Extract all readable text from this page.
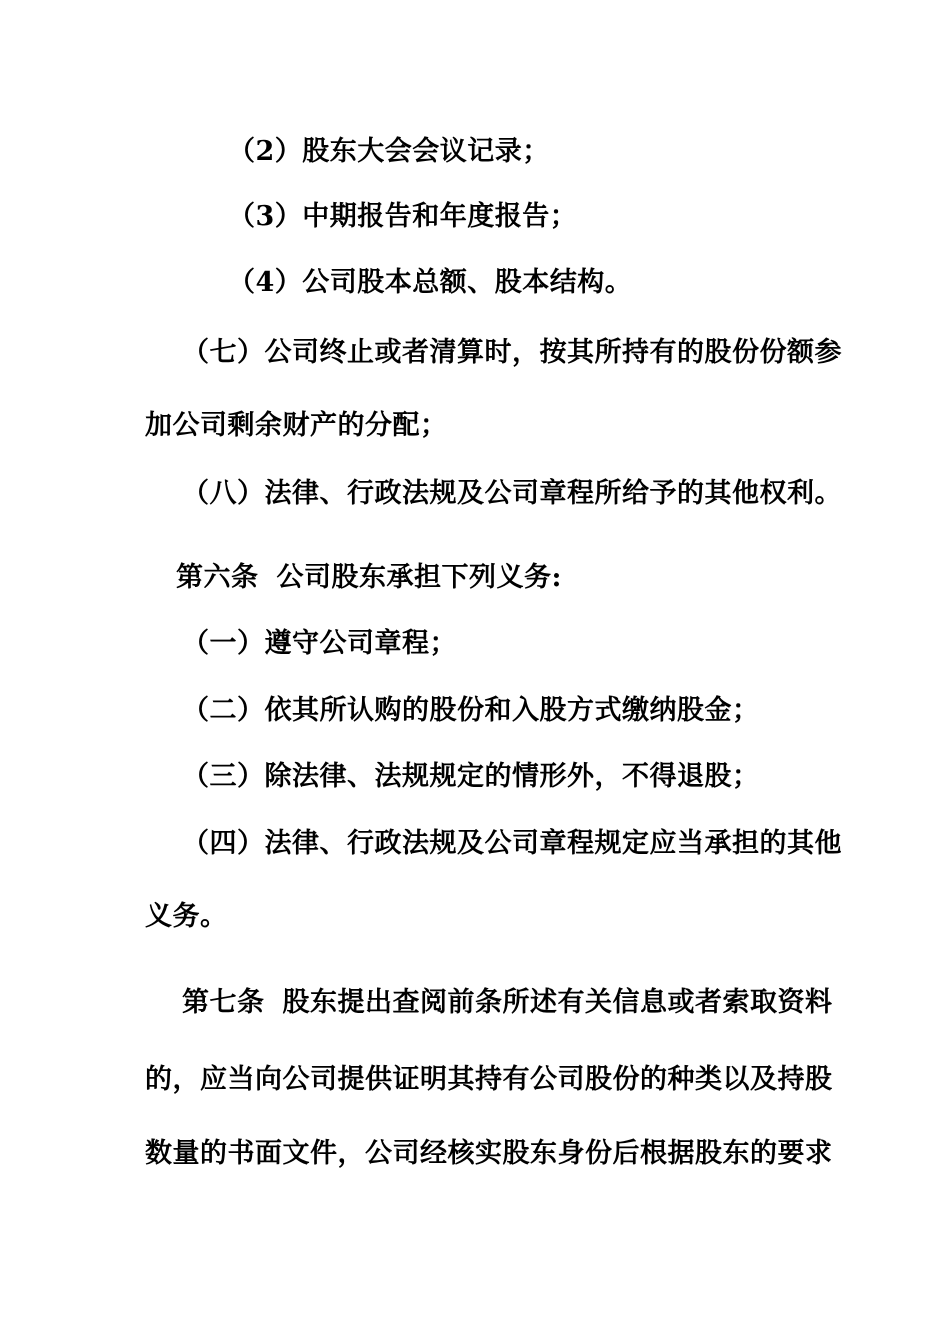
（2）股东大会会议记录；
（3）中期报告和年度报告；
（4）公司股本总额、股本结构。
（七）公司终止或者清算时，按其所持有的股份份额参
加公司剩余财产的分配；
（八）法律、行政法规及公司章程所给予的其他权利。
第六条 公司股东承担下列义务:
（一）遵守公司章程；
（二）依其所认购的股份和入股方式缴纳股金；
（三）除法律、法规规定的情形外，不得退股；
（四）法律、行政法规及公司章程规定应当承担的其他
义务。
第七条 股东提出查阅前条所述有关信息或者索取资料
的，应当向公司提供证明其持有公司股份的种类以及持股
数量的书面文件，公司经核实股东身份后根据股东的要求
